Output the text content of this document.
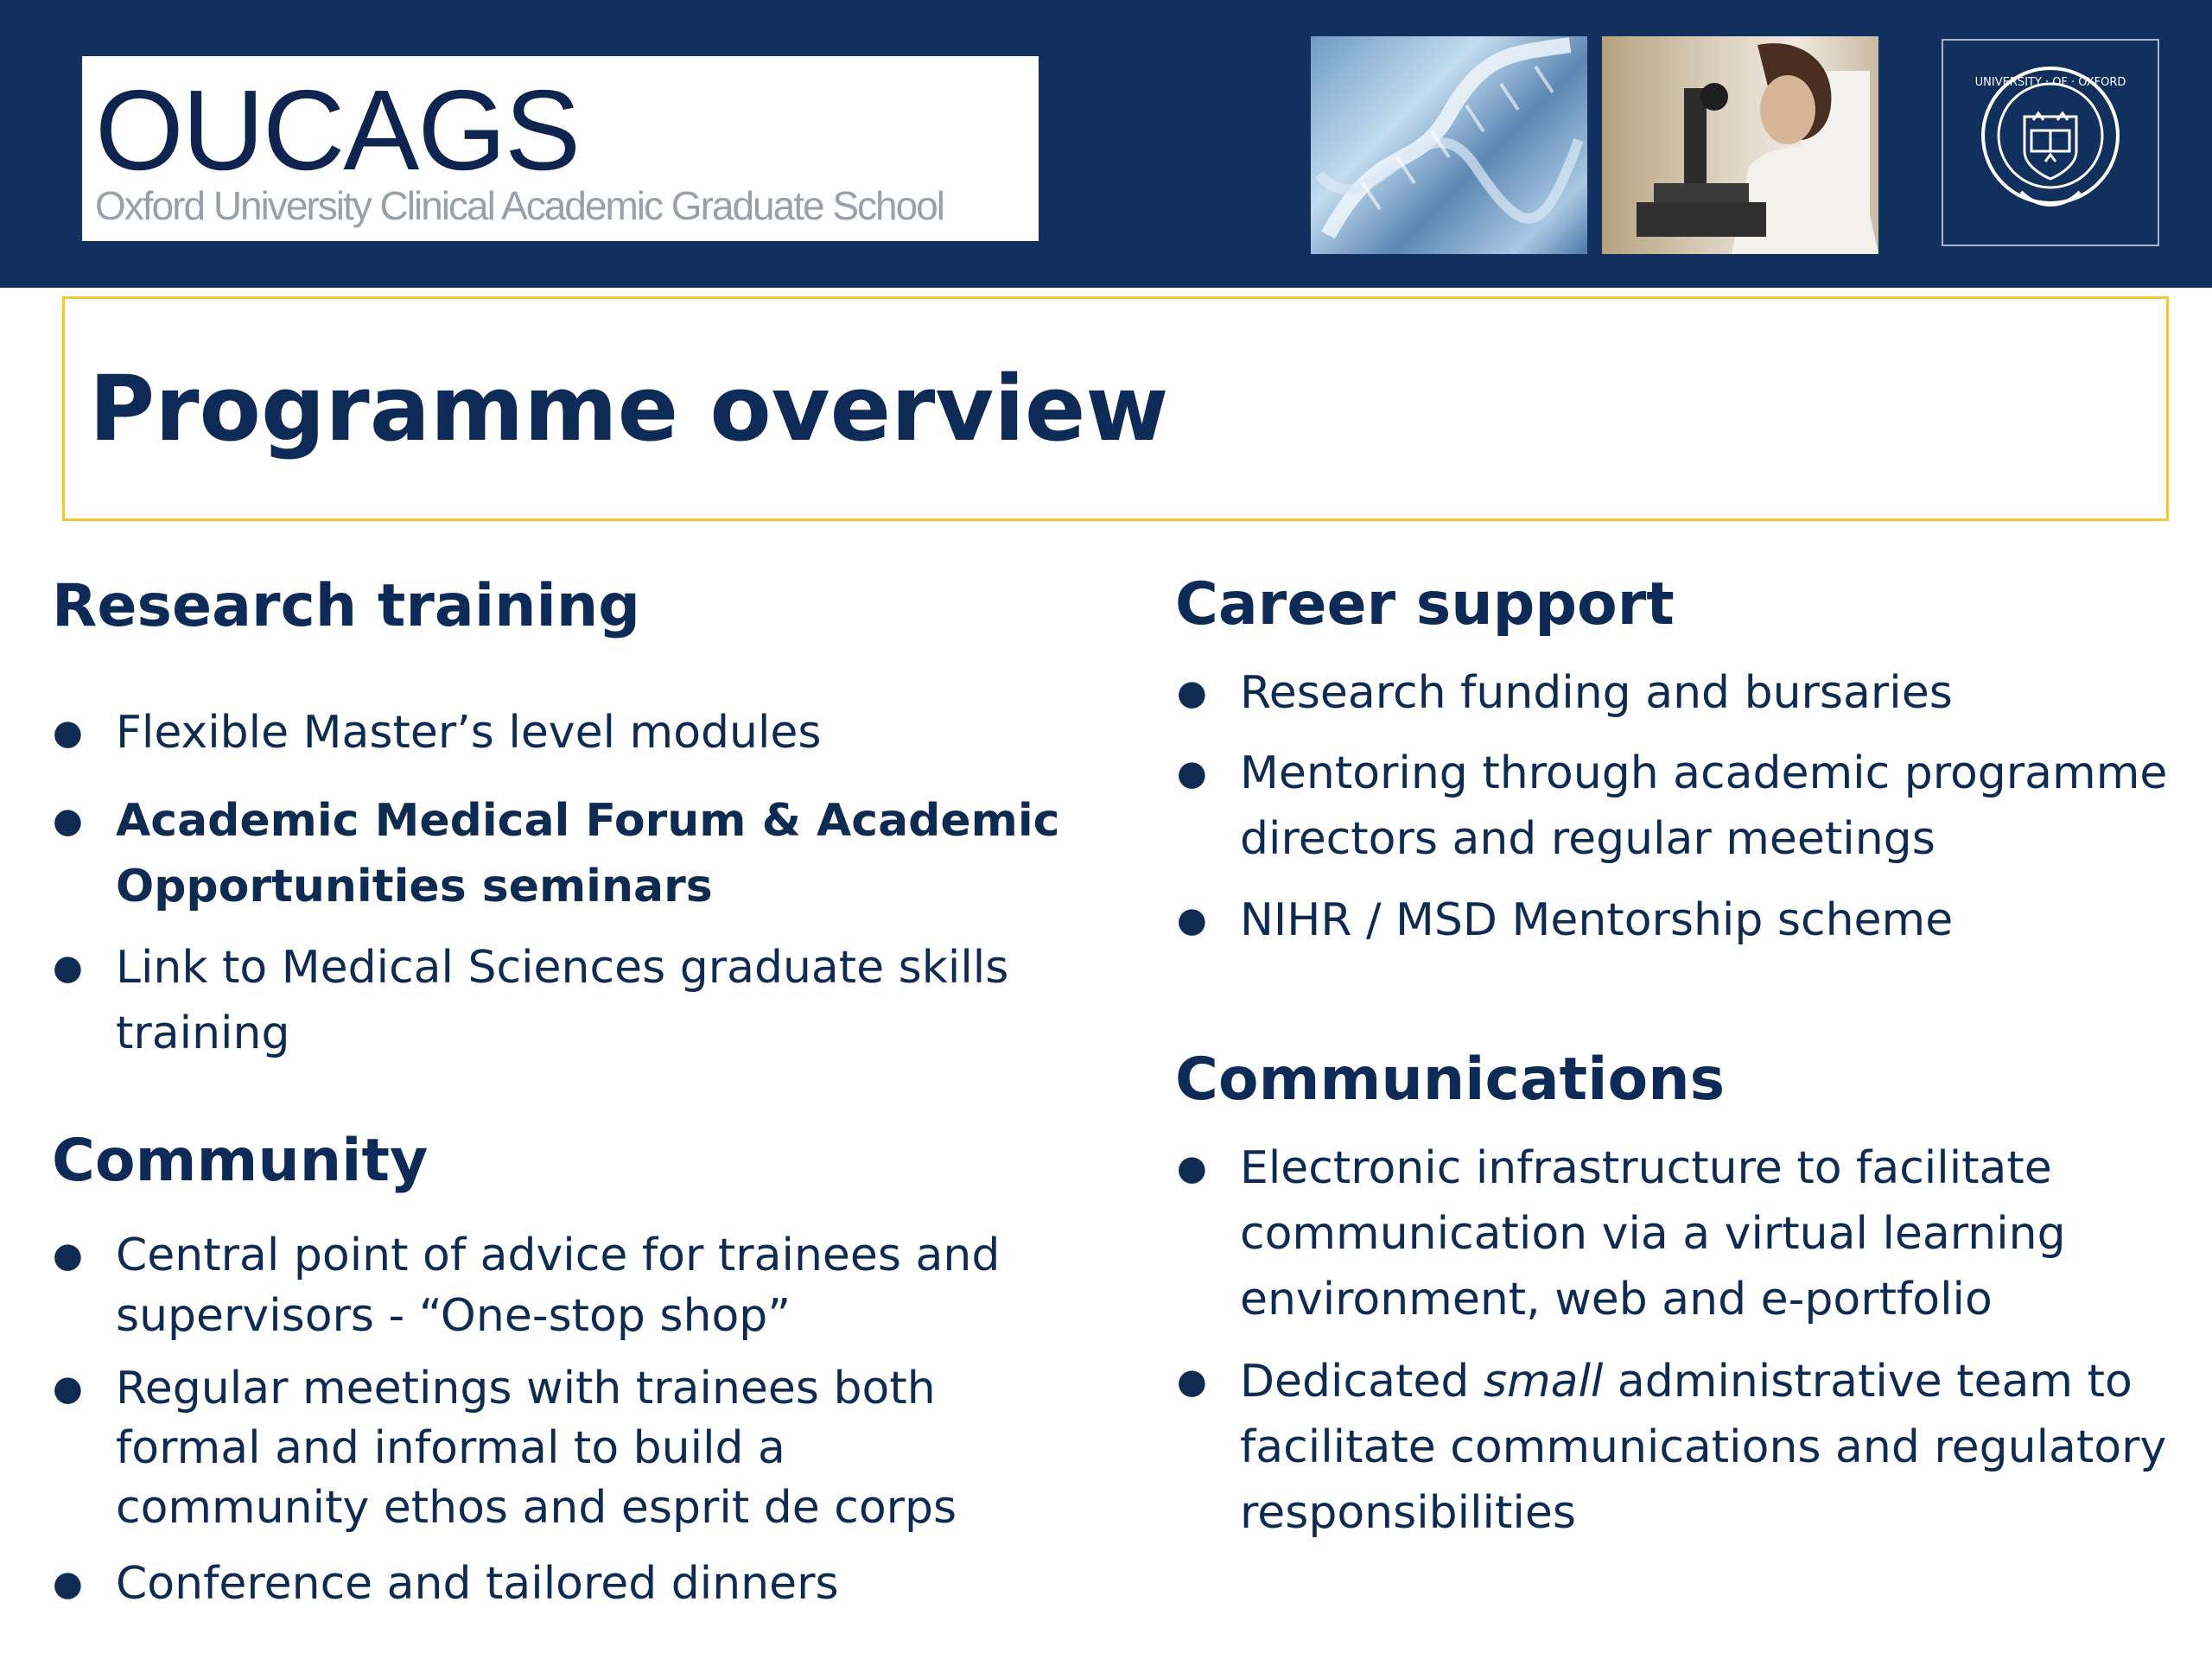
OUCAGS
Oxford University Clinical Academic Graduate School
UNIVERSITY · OF · OXFORD
Programme overview
Research training
● Flexible Master’s level modules
● Academic Medical Forum & Academic
Opportunities seminars
● Link to Medical Sciences graduate skills
training
Community
● Central point of advice for trainees and
supervisors - “One-stop shop”
● Regular meetings with trainees both
formal and informal to build a
community ethos and esprit de corps
● Conference and tailored dinners
Career support
● Research funding and bursaries
● Mentoring through academic programme
directors and regular meetings
● NIHR / MSD Mentorship scheme
Communications
● Electronic infrastructure to facilitate
communication via a virtual learning
environment, web and e-portfolio
● Dedicated small administrative team to
facilitate communications and regulatory
responsibilities
